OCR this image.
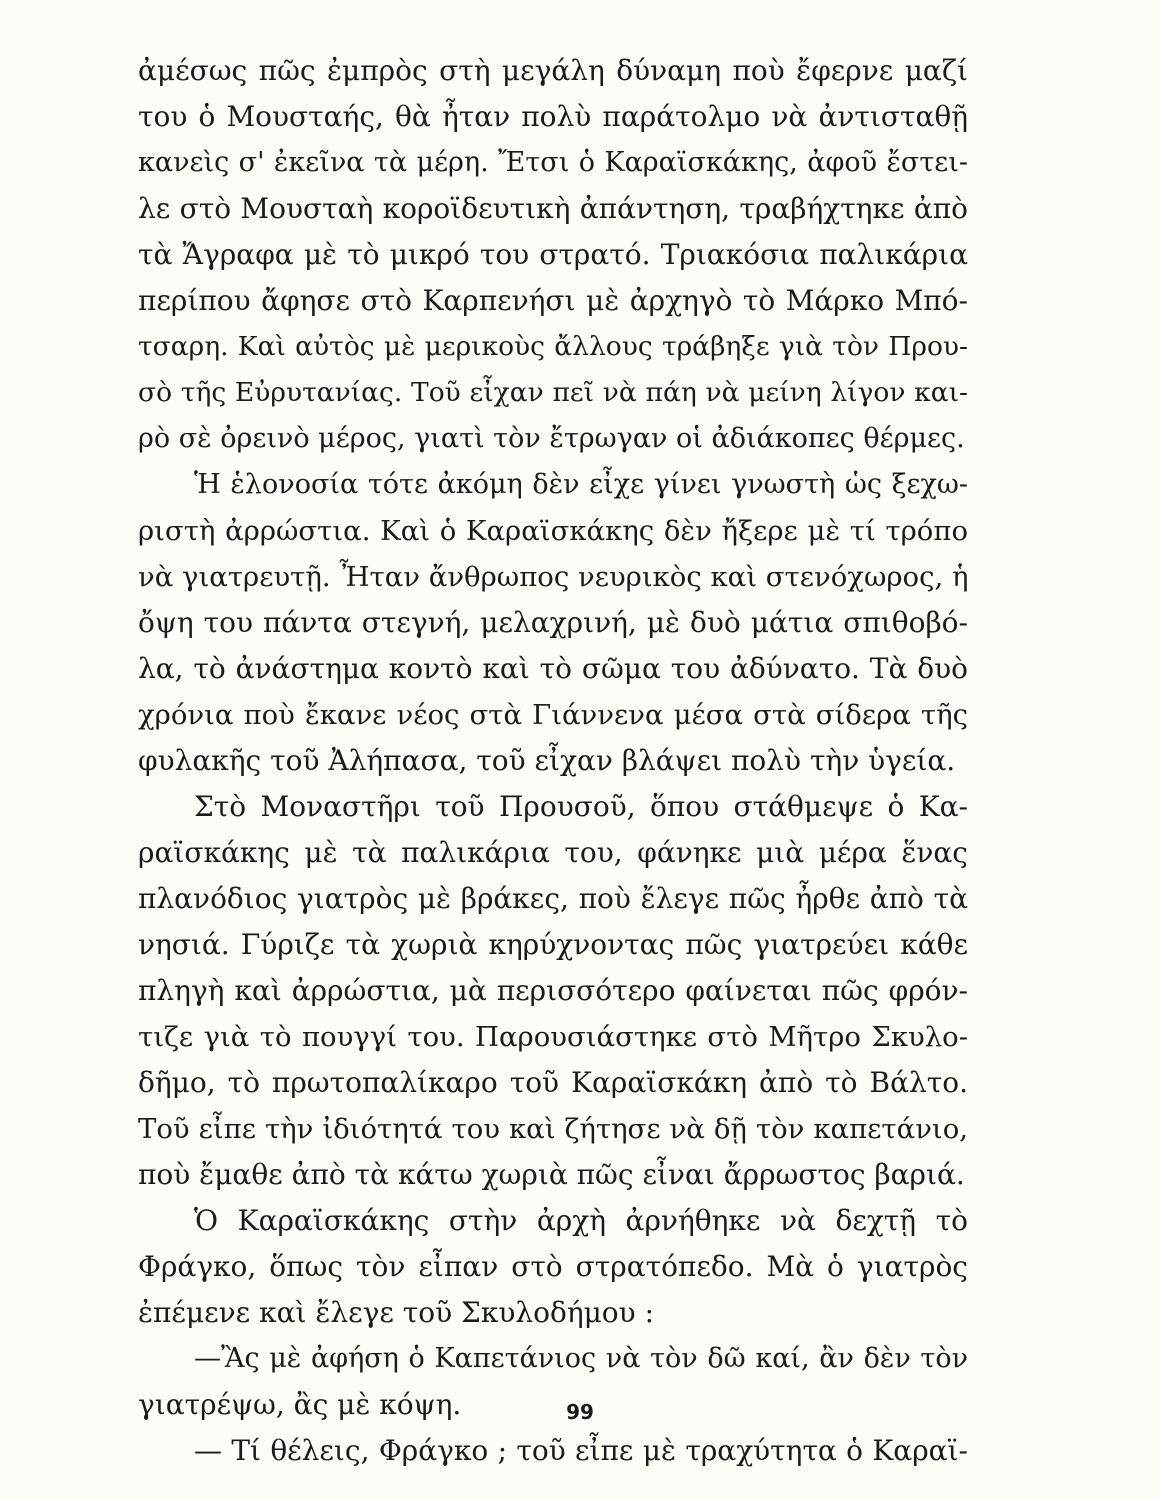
ἀμέσως πῶς ἐμπρὸς στὴ μεγάλη δύναμη ποὺ ἔφερνε μαζί
του ὁ Μουσταής, θὰ ἦταν πολὺ παράτολμο νὰ ἀντισταθῇ
κανεὶς σ' ἐκεῖνα τὰ μέρη. Ἔτσι ὁ Καραϊσκάκης, ἀφοῦ ἔστει-
λε στὸ Μουσταὴ κοροϊδευτικὴ ἀπάντηση, τραβήχτηκε ἀπὸ
τὰ Ἄγραφα μὲ τὸ μικρό του στρατό. Τριακόσια παλικάρια
περίπου ἄφησε στὸ Καρπενήσι μὲ ἀρχηγὸ τὸ Μάρκο Μπό-
τσαρη. Καὶ αὐτὸς μὲ μερικοὺς ἄλλους τράβηξε γιὰ τὸν Πρου-
σὸ τῆς Εὐρυτανίας. Τοῦ εἶχαν πεῖ νὰ πάη νὰ μείνη λίγον και-
ρὸ σὲ ὀρεινὸ μέρος, γιατὶ τὸν ἔτρωγαν οἱ ἀδιάκοπες θέρμες.
Ἡ ἑλονοσία τότε ἀκόμη δὲν εἶχε γίνει γνωστὴ ὡς ξεχω-
ριστὴ ἀρρώστια. Καὶ ὁ Καραϊσκάκης δὲν ἤξερε μὲ τί τρόπο
νὰ γιατρευτῇ. Ἦταν ἄνθρωπος νευρικὸς καὶ στενόχωρος, ἡ
ὄψη του πάντα στεγνή, μελαχρινή, μὲ δυὸ μάτια σπιθοβό-
λα, τὸ ἀνάστημα κοντὸ καὶ τὸ σῶμα του ἀδύνατο. Τὰ δυὸ
χρόνια ποὺ ἔκανε νέος στὰ Γιάννενα μέσα στὰ σίδερα τῆς
φυλακῆς τοῦ Ἀλήπασα, τοῦ εἶχαν βλάψει πολὺ τὴν ὑγεία.
Στὸ Μοναστῆρι τοῦ Προυσοῦ, ὅπου στάθμεψε ὁ Κα-
ραϊσκάκης μὲ τὰ παλικάρια του, φάνηκε μιὰ μέρα ἕνας
πλανόδιος γιατρὸς μὲ βράκες, ποὺ ἔλεγε πῶς ἦρθε ἀπὸ τὰ
νησιά. Γύριζε τὰ χωριὰ κηρύχνοντας πῶς γιατρεύει κάθε
πληγὴ καὶ ἀρρώστια, μὰ περισσότερο φαίνεται πῶς φρόν-
τιζε γιὰ τὸ πουγγί του. Παρουσιάστηκε στὸ Μῆτρο Σκυλο-
δῆμο, τὸ πρωτοπαλίκαρο τοῦ Καραϊσκάκη ἀπὸ τὸ Βάλτο.
Τοῦ εἶπε τὴν ἰδιότητά του καὶ ζήτησε νὰ δῇ τὸν καπετάνιο,
ποὺ ἔμαθε ἀπὸ τὰ κάτω χωριὰ πῶς εἶναι ἄρρωστος βαριά.
Ὁ Καραϊσκάκης στὴν ἀρχὴ ἀρνήθηκε νὰ δεχτῇ τὸ
Φράγκο, ὅπως τὸν εἶπαν στὸ στρατόπεδο. Μὰ ὁ γιατρὸς
ἐπέμενε καὶ ἔλεγε τοῦ Σκυλοδήμου :
—Ἂς μὲ ἀφήση ὁ Καπετάνιος νὰ τὸν δῶ καί, ἂν δὲν τὸν
γιατρέψω, ἂς μὲ κόψη.
— Τί θέλεις, Φράγκο ; τοῦ εἶπε μὲ τραχύτητα ὁ Καραϊ-
99
